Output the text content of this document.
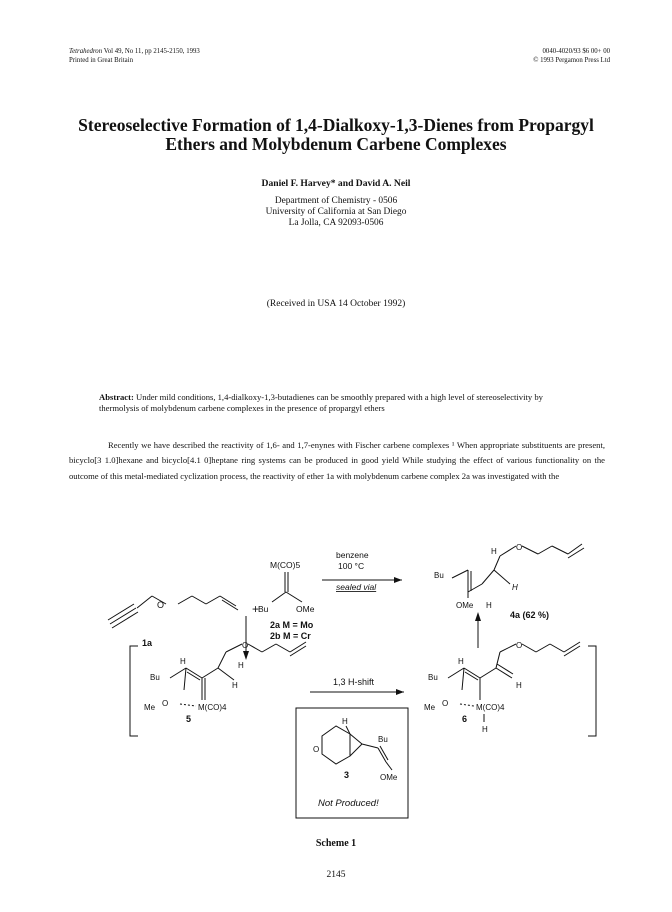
Tetrahedron Vol 49, No 11, pp 2145-2150, 1993
Printed in Great Britain
0040-4020/93 $6 00+ 00
© 1993 Pergamon Press Ltd
Stereoselective Formation of 1,4-Dialkoxy-1,3-Dienes from Propargyl Ethers and Molybdenum Carbene Complexes
Daniel F. Harvey* and David A. Neil
Department of Chemistry - 0506
University of California at San Diego
La Jolla, CA 92093-0506
(Received in USA 14 October 1992)
Abstract: Under mild conditions, 1,4-dialkoxy-1,3-butadienes can be smoothly prepared with a high level of stereoselectivity by thermolysis of molybdenum carbene complexes in the presence of propargyl ethers

Recently we have described the reactivity of 1,6- and 1,7-enynes with Fischer carbene complexes ¹ When appropriate substituents are present, bicyclo[3 1.0]hexane and bicyclo[4.1 0]heptane ring systems can be produced in good yield While studying the effect of various functionality on the outcome of this metal-mediated cyclization process, the reactivity of ether 1a with molybdenum carbene complex 2a was investigated with the

O
1a
+
M(CO)5
Bu	OMe
2a M = Mo
2b M = Cr
benzene
100 °C
sealed vial
H O
Bu
H
OMe H
4a (62 %)
H
O
Bu
H
H
Me O	M(CO)4
5
1,3 H-shift
H
O
Bu
H
Me O	M(CO)4
H
6
H
O
Bu
OMe
3
Not Produced!
Scheme 1
2145
